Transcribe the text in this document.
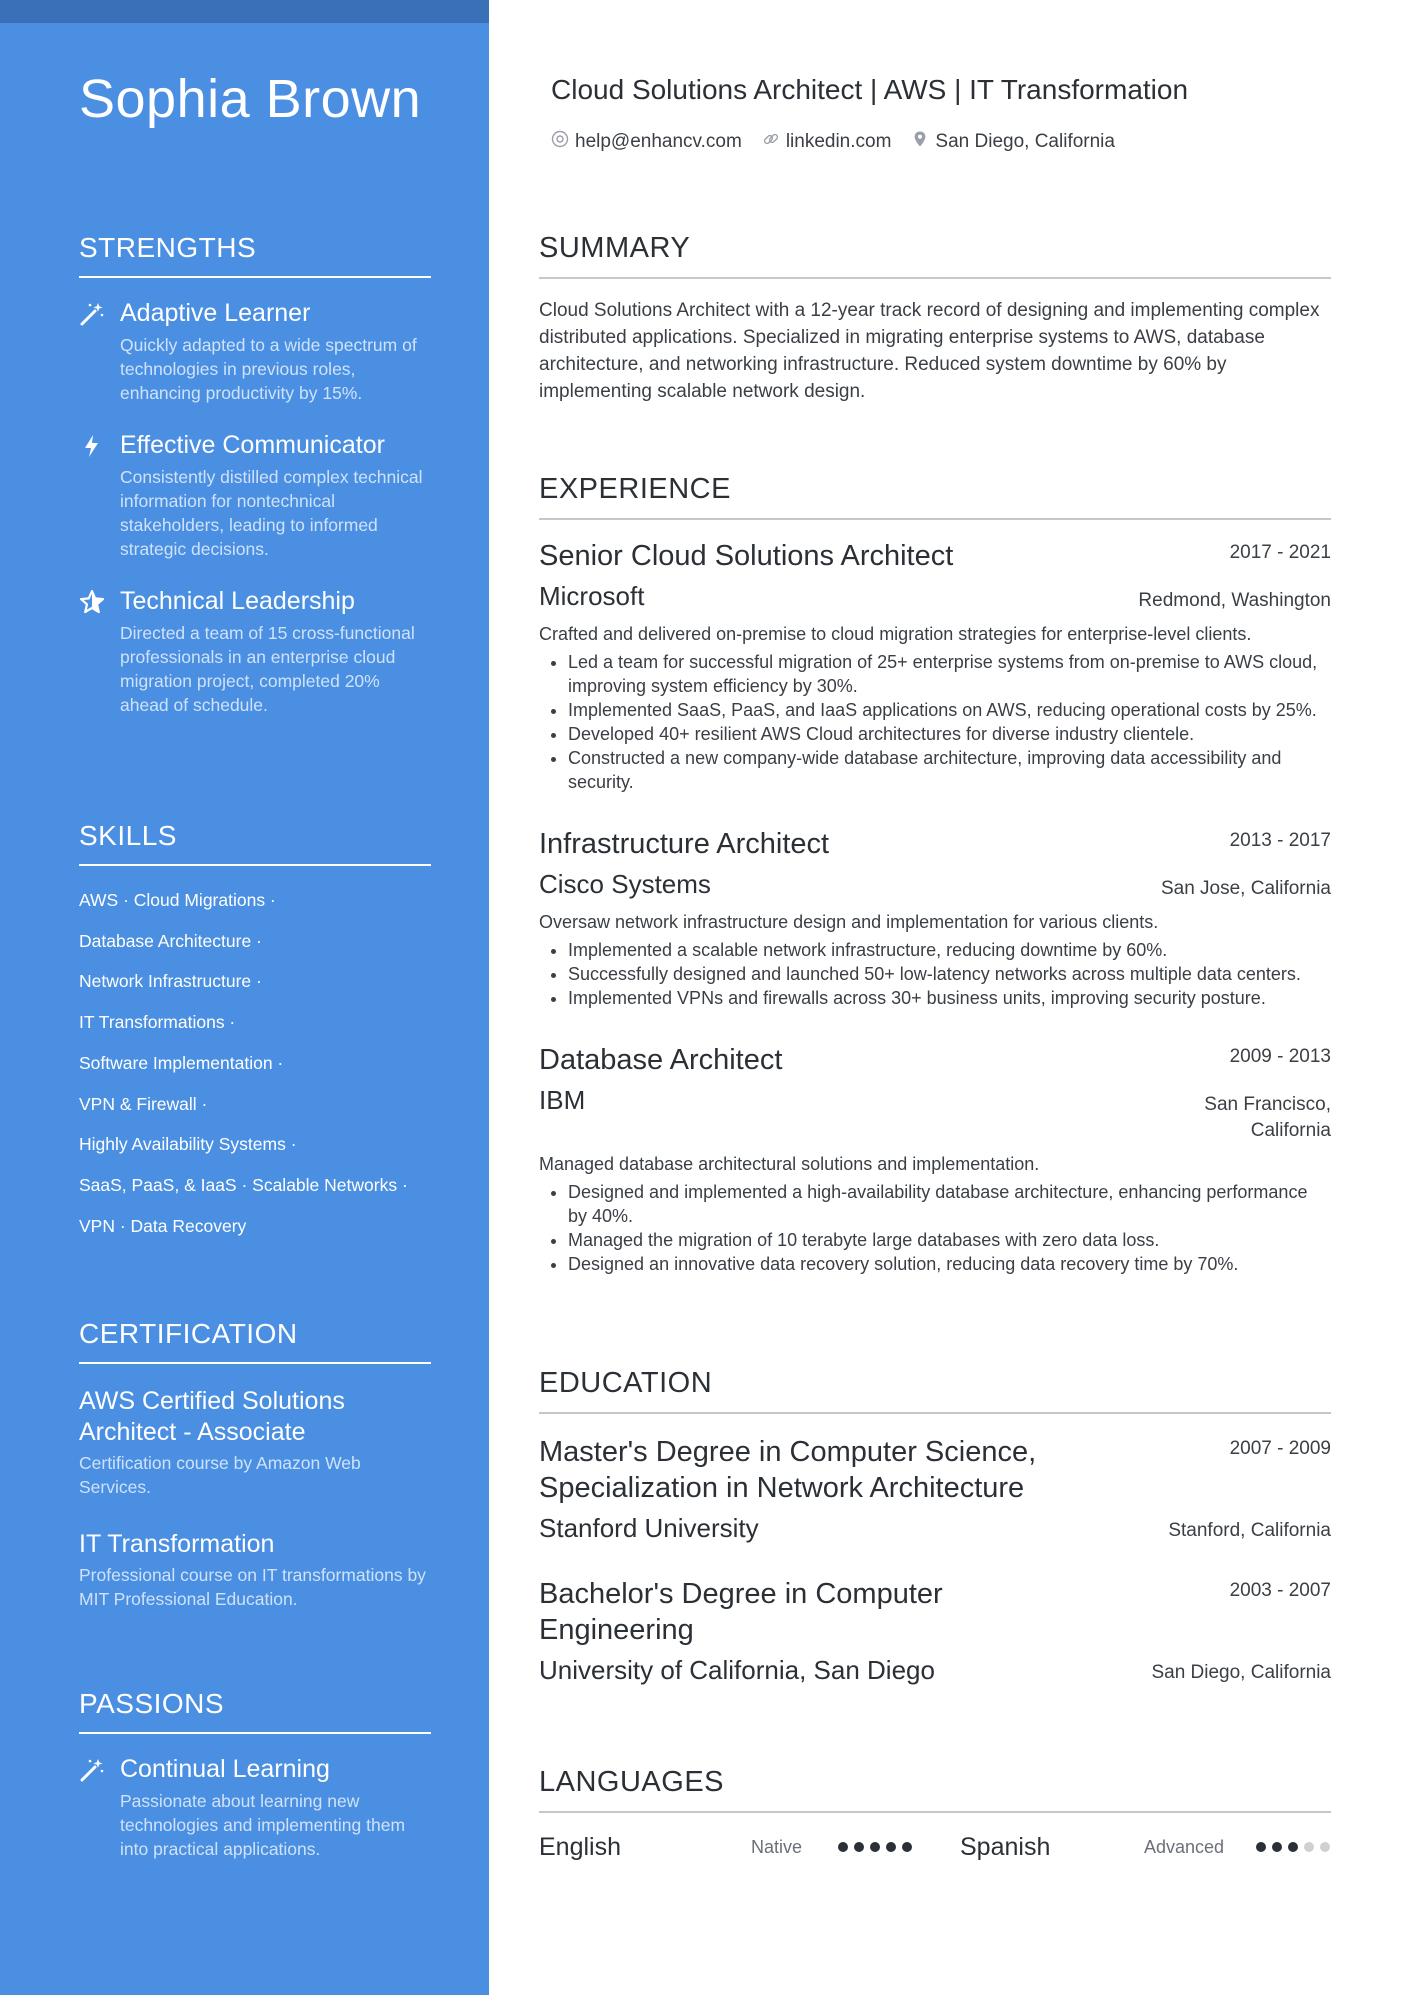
Sophia Brown
STRENGTHS
Adaptive Learner
Quickly adapted to a wide spectrum of technologies in previous roles, enhancing productivity by 15%.
Effective Communicator
Consistently distilled complex technical information for nontechnical stakeholders, leading to informed strategic decisions.
Technical Leadership
Directed a team of 15 cross-functional professionals in an enterprise cloud migration project, completed 20% ahead of schedule.
SKILLS
AWS · Cloud Migrations ·
Database Architecture ·
Network Infrastructure ·
IT Transformations ·
Software Implementation ·
VPN & Firewall ·
Highly Availability Systems ·
SaaS, PaaS, & IaaS · Scalable Networks ·
VPN · Data Recovery
CERTIFICATION
AWS Certified Solutions Architect - Associate
Certification course by Amazon Web Services.
IT Transformation
Professional course on IT transformations by MIT Professional Education.
PASSIONS
Continual Learning
Passionate about learning new technologies and implementing them into practical applications.
Cloud Solutions Architect | AWS | IT Transformation
help@enhancv.com linkedin.com San Diego, California
SUMMARY
Cloud Solutions Architect with a 12-year track record of designing and implementing complex distributed applications. Specialized in migrating enterprise systems to AWS, database architecture, and networking infrastructure. Reduced system downtime by 60% by implementing scalable network design.
EXPERIENCE
Senior Cloud Solutions Architect	2017 - 2021
Microsoft	Redmond, Washington
Crafted and delivered on-premise to cloud migration strategies for enterprise-level clients.
• Led a team for successful migration of 25+ enterprise systems from on-premise to AWS cloud, improving system efficiency by 30%.
• Implemented SaaS, PaaS, and IaaS applications on AWS, reducing operational costs by 25%.
• Developed 40+ resilient AWS Cloud architectures for diverse industry clientele.
• Constructed a new company-wide database architecture, improving data accessibility and security.
Infrastructure Architect	2013 - 2017
Cisco Systems	San Jose, California
Oversaw network infrastructure design and implementation for various clients.
• Implemented a scalable network infrastructure, reducing downtime by 60%.
• Successfully designed and launched 50+ low-latency networks across multiple data centers.
• Implemented VPNs and firewalls across 30+ business units, improving security posture.
Database Architect	2009 - 2013
IBM	San Francisco,
California
Managed database architectural solutions and implementation.
• Designed and implemented a high-availability database architecture, enhancing performance by 40%.
• Managed the migration of 10 terabyte large databases with zero data loss.
• Designed an innovative data recovery solution, reducing data recovery time by 70%.
EDUCATION
Master's Degree in Computer Science, Specialization in Network Architecture
2007 - 2009
Stanford University	Stanford, California
Bachelor's Degree in Computer Engineering
2003 - 2007
University of California, San Diego	San Diego, California
LANGUAGES
English	Native	Spanish	Advanced
